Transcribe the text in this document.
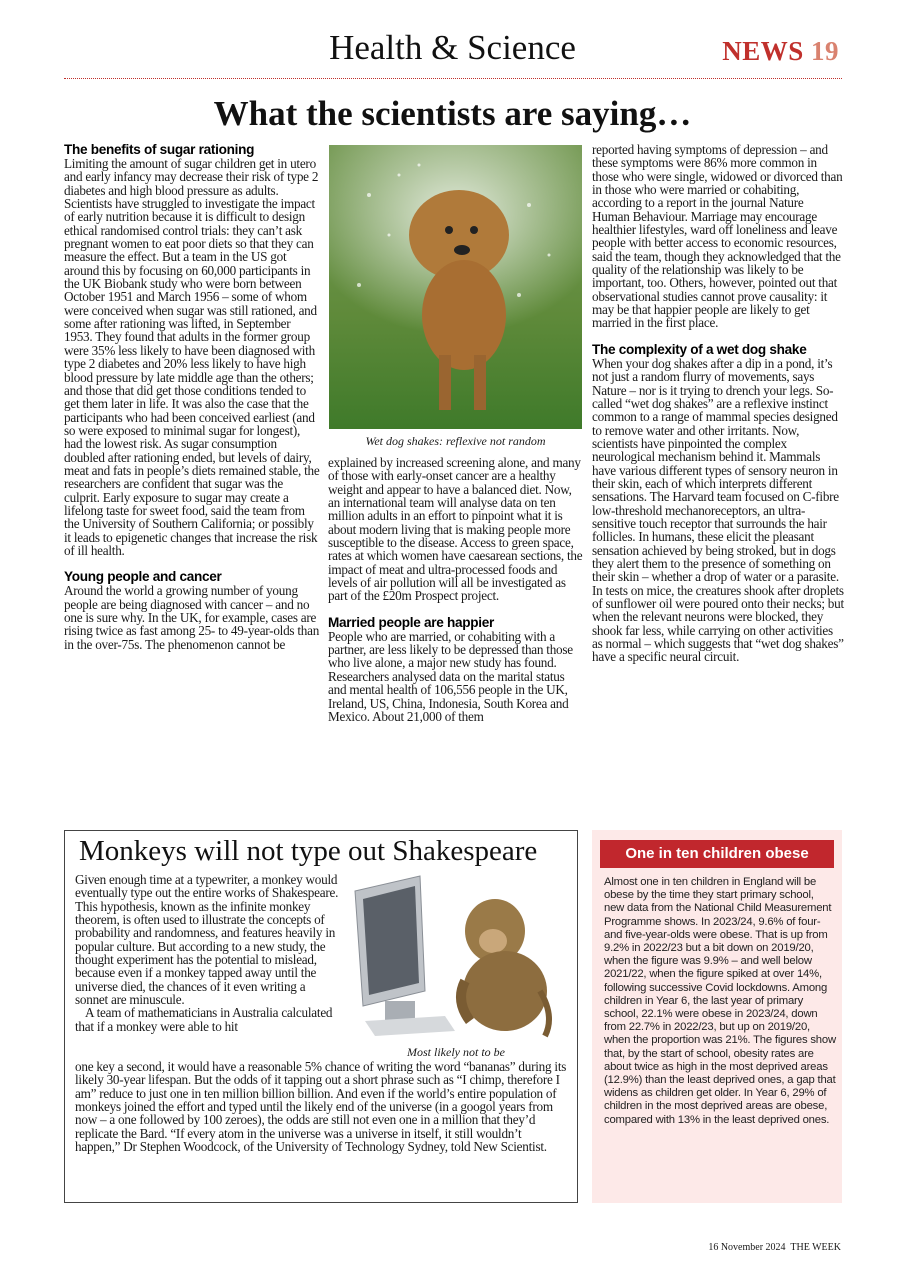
Health & Science	NEWS 19
What the scientists are saying…
The benefits of sugar rationing

Limiting the amount of sugar children get in utero and early infancy may decrease their risk of type 2 diabetes and high blood pressure as adults. Scientists have struggled to investigate the impact of early nutrition because it is difficult to design ethical randomised control trials: they can’t ask pregnant women to eat poor diets so that they can measure the effect. But a team in the US got around this by focusing on 60,000 participants in the UK Biobank study who were born between October 1951 and March 1956 – some of whom were conceived when sugar was still rationed, and some after rationing was lifted, in September 1953. They found that adults in the former group were 35% less likely to have been diagnosed with type 2 diabetes and 20% less likely to have high blood pressure by late middle age than the others; and those that did get those conditions tended to get them later in life. It was also the case that the participants who had been conceived earliest (and so were exposed to minimal sugar for longest), had the lowest risk. As sugar consumption doubled after rationing ended, but levels of dairy, meat and fats in people’s diets remained stable, the researchers are confident that sugar was the culprit. Early exposure to sugar may create a lifelong taste for sweet food, said the team from the University of Southern California; or possibly it leads to epigenetic changes that increase the risk of ill health.

Young people and cancer

Around the world a growing number of young people are being diagnosed with cancer – and no one is sure why. In the UK, for example, cases are rising twice as fast among 25- to 49-year-olds than in the over-75s. The phenomenon cannot be

Wet dog shakes: reflexive not random

explained by increased screening alone, and many of those with early-onset cancer are a healthy weight and appear to have a balanced diet. Now, an international team will analyse data on ten million adults in an effort to pinpoint what it is about modern living that is making people more susceptible to the disease. Access to green space, rates at which women have caesarean sections, the impact of meat and ultra-processed foods and levels of air pollution will all be investigated as part of the £20m Prospect project.

Married people are happier

People who are married, or cohabiting with a partner, are less likely to be depressed than those who live alone, a major new study has found. Researchers analysed data on the marital status and mental health of 106,556 people in the UK, Ireland, US, China, Indonesia, South Korea and Mexico. About 21,000 of them

reported having symptoms of depression – and these symptoms were 86% more common in those who were single, widowed or divorced than in those who were married or cohabiting, according to a report in the journal Nature Human Behaviour. Marriage may encourage healthier lifestyles, ward off loneliness and leave people with better access to economic resources, said the team, though they acknowledged that the quality of the relationship was likely to be important, too. Others, however, pointed out that observational studies cannot prove causality: it may be that happier people are likely to get married in the first place.

The complexity of a wet dog shake

When your dog shakes after a dip in a pond, it’s not just a random flurry of movements, says Nature – nor is it trying to drench your legs. So-called “wet dog shakes” are a reflexive instinct common to a range of mammal species designed to remove water and other irritants. Now, scientists have pinpointed the complex neurological mechanism behind it. Mammals have various different types of sensory neuron in their skin, each of which interprets different sensations. The Harvard team focused on C-fibre low-threshold mechanoreceptors, an ultra-sensitive touch receptor that surrounds the hair follicles. In humans, these elicit the pleasant sensation achieved by being stroked, but in dogs they alert them to the presence of something on their skin – whether a drop of water or a parasite. In tests on mice, the creatures shook after droplets of sunflower oil were poured onto their necks; but when the relevant neurons were blocked, they shook far less, while carrying on other activities as normal – which suggests that “wet dog shakes” have a specific neural circuit.

Monkeys will not type out Shakespeare
Most likely not to be

Given enough time at a typewriter, a monkey would eventually type out the entire works of Shakespeare. This hypothesis, known as the infinite monkey theorem, is often used to illustrate the concepts of probability and randomness, and features heavily in popular culture. But according to a new study, the thought experiment has the potential to mislead, because even if a monkey tapped away until the universe died, the chances of it even writing a sonnet are minuscule.

A team of mathematicians in Australia calculated that if a monkey were able to hit

one key a second, it would have a reasonable 5% chance of writing the word “bananas” during its likely 30-year lifespan. But the odds of it tapping out a short phrase such as “I chimp, therefore I am” reduce to just one in ten million billion billion. And even if the world’s entire population of monkeys joined the effort and typed until the likely end of the universe (in a googol years from now – a one followed by 100 zeroes), the odds are still not even one in a million that they’d replicate the Bard. “If every atom in the universe was a universe in itself, it still wouldn’t happen,” Dr Stephen Woodcock, of the University of Technology Sydney, told New Scientist.

One in ten children obese
Almost one in ten children in England will be obese by the time they start primary school, new data from the National Child Measurement Programme shows. In 2023/24, 9.6% of four- and five-year-olds were obese. That is up from 9.2% in 2022/23 but a bit down on 2019/20, when the figure was 9.9% – and well below 2021/22, when the figure spiked at over 14%, following successive Covid lockdowns. Among children in Year 6, the last year of primary school, 22.1% were obese in 2023/24, down from 22.7% in 2022/23, but up on 2019/20, when the proportion was 21%. The figures show that, by the start of school, obesity rates are about twice as high in the most deprived areas (12.9%) than the least deprived ones, a gap that widens as children get older. In Year 6, 29% of children in the most deprived areas are obese, compared with 13% in the least deprived ones.
16 November 2024 THE WEEK
